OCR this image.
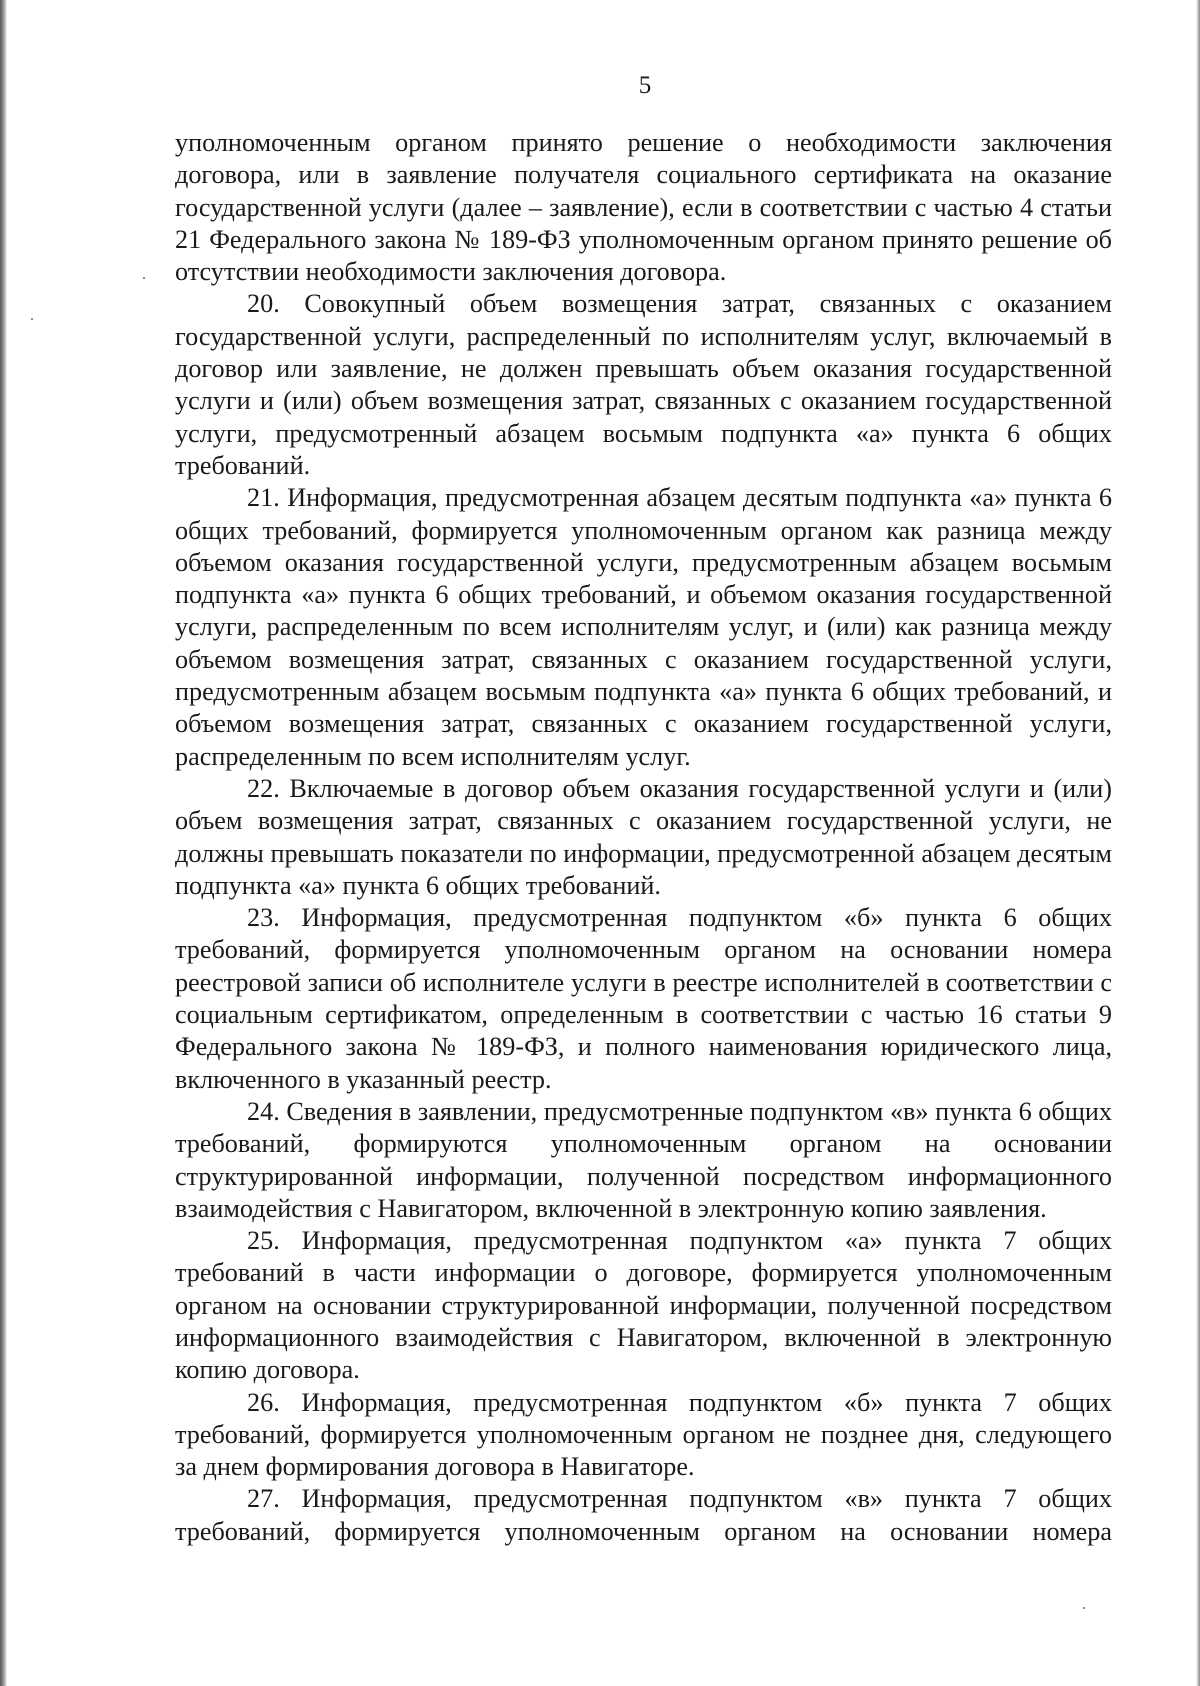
5

уполномоченным органом принято решение о необходимости заключения договора, или в заявление получателя социального сертификата на оказание государственной услуги (далее – заявление), если в соответствии с частью 4 статьи 21 Федерального закона № 189-ФЗ уполномоченным органом принято решение об отсутствии необходимости заключения договора.

20. Совокупный объем возмещения затрат, связанных с оказанием государственной услуги, распределенный по исполнителям услуг, включаемый в договор или заявление, не должен превышать объем оказания государственной услуги и (или) объем возмещения затрат, связанных с оказанием государственной услуги, предусмотренный абзацем восьмым подпункта «а» пункта 6 общих требований.

21. Информация, предусмотренная абзацем десятым подпункта «а» пункта 6 общих требований, формируется уполномоченным органом как разница между объемом оказания государственной услуги, предусмотренным абзацем восьмым подпункта «а» пункта 6 общих требований, и объемом оказания государственной услуги, распределенным по всем исполнителям услуг, и (или) как разница между объемом возмещения затрат, связанных с оказанием государственной услуги, предусмотренным абзацем восьмым подпункта «а» пункта 6 общих требований, и объемом возмещения затрат, связанных с оказанием государственной услуги, распределенным по всем исполнителям услуг.

22. Включаемые в договор объем оказания государственной услуги и (или) объем возмещения затрат, связанных с оказанием государственной услуги, не должны превышать показатели по информации, предусмотренной абзацем десятым подпункта «а» пункта 6 общих требований.

23. Информация, предусмотренная подпунктом «б» пункта 6 общих требований, формируется уполномоченным органом на основании номера реестровой записи об исполнителе услуги в реестре исполнителей в соответствии с социальным сертификатом, определенным в соответствии с частью 16 статьи 9 Федерального закона № 189-ФЗ, и полного наименования юридического лица, включенного в указанный реестр.

24. Сведения в заявлении, предусмотренные подпунктом «в» пункта 6 общих требований, формируются уполномоченным органом на основании структурированной информации, полученной посредством информационного взаимодействия с Навигатором, включенной в электронную копию заявления.

25. Информация, предусмотренная подпунктом «а» пункта 7 общих требований в части информации о договоре, формируется уполномоченным органом на основании структурированной информации, полученной посредством информационного взаимодействия с Навигатором, включенной в электронную копию договора.

26. Информация, предусмотренная подпунктом «б» пункта 7 общих требований, формируется уполномоченным органом не позднее дня, следующего за днем формирования договора в Навигаторе.

27. Информация, предусмотренная подпунктом «в» пункта 7 общих требований, формируется уполномоченным органом на основании номера
